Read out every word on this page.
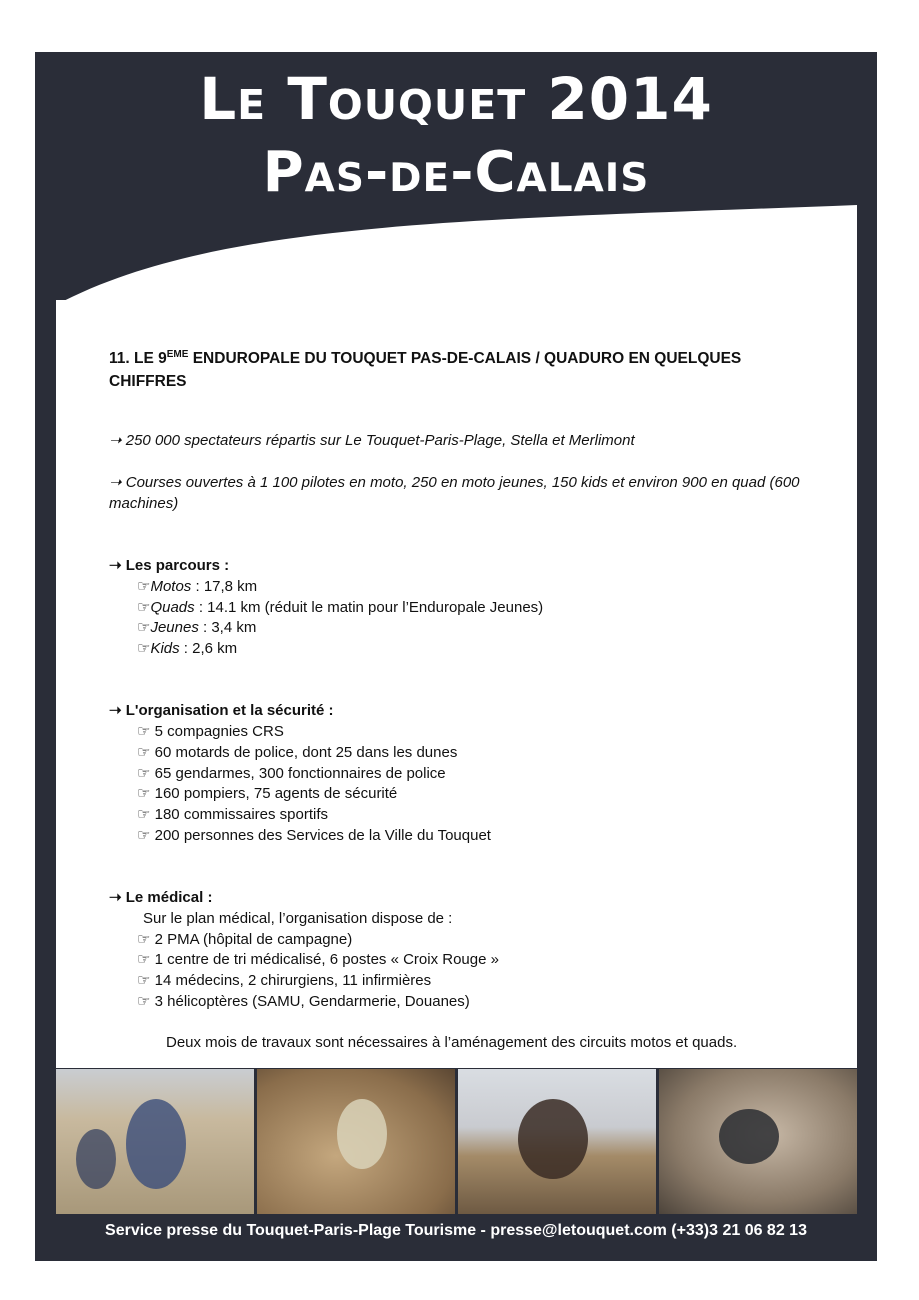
Le Touquet 2014
Pas-de-Calais
11. LE 9EME ENDUROPALE DU TOUQUET PAS-DE-CALAIS / QUADURO EN QUELQUES CHIFFRES
➝ 250 000 spectateurs répartis sur Le Touquet-Paris-Plage, Stella et Merlimont
➝ Courses ouvertes à 1 100 pilotes en moto, 250 en moto jeunes, 150 kids et environ 900 en quad (600 machines)
➝ Les parcours :
☞Motos : 17,8 km
☞Quads : 14.1 km (réduit le matin pour l’Enduropale Jeunes)
☞Jeunes : 3,4 km
☞Kids : 2,6 km
➝ L'organisation et la sécurité :
☞ 5 compagnies CRS
☞ 60 motards de police, dont 25 dans les dunes
☞ 65 gendarmes, 300 fonctionnaires de police
☞ 160 pompiers, 75 agents de sécurité
☞ 180 commissaires sportifs
☞ 200 personnes des Services de la Ville du Touquet
➝ Le médical :
Sur le plan médical, l’organisation dispose de :
☞ 2 PMA (hôpital de campagne)
☞ 1 centre de tri médicalisé, 6 postes « Croix Rouge »
☞ 14 médecins, 2 chirurgiens, 11 infirmières
☞ 3 hélicoptères (SAMU, Gendarmerie, Douanes)
Deux mois de travaux sont nécessaires à l’aménagement des circuits motos et quads.
Service presse du Touquet-Paris-Plage Tourisme - presse@letouquet.com (+33)3 21 06 82 13
